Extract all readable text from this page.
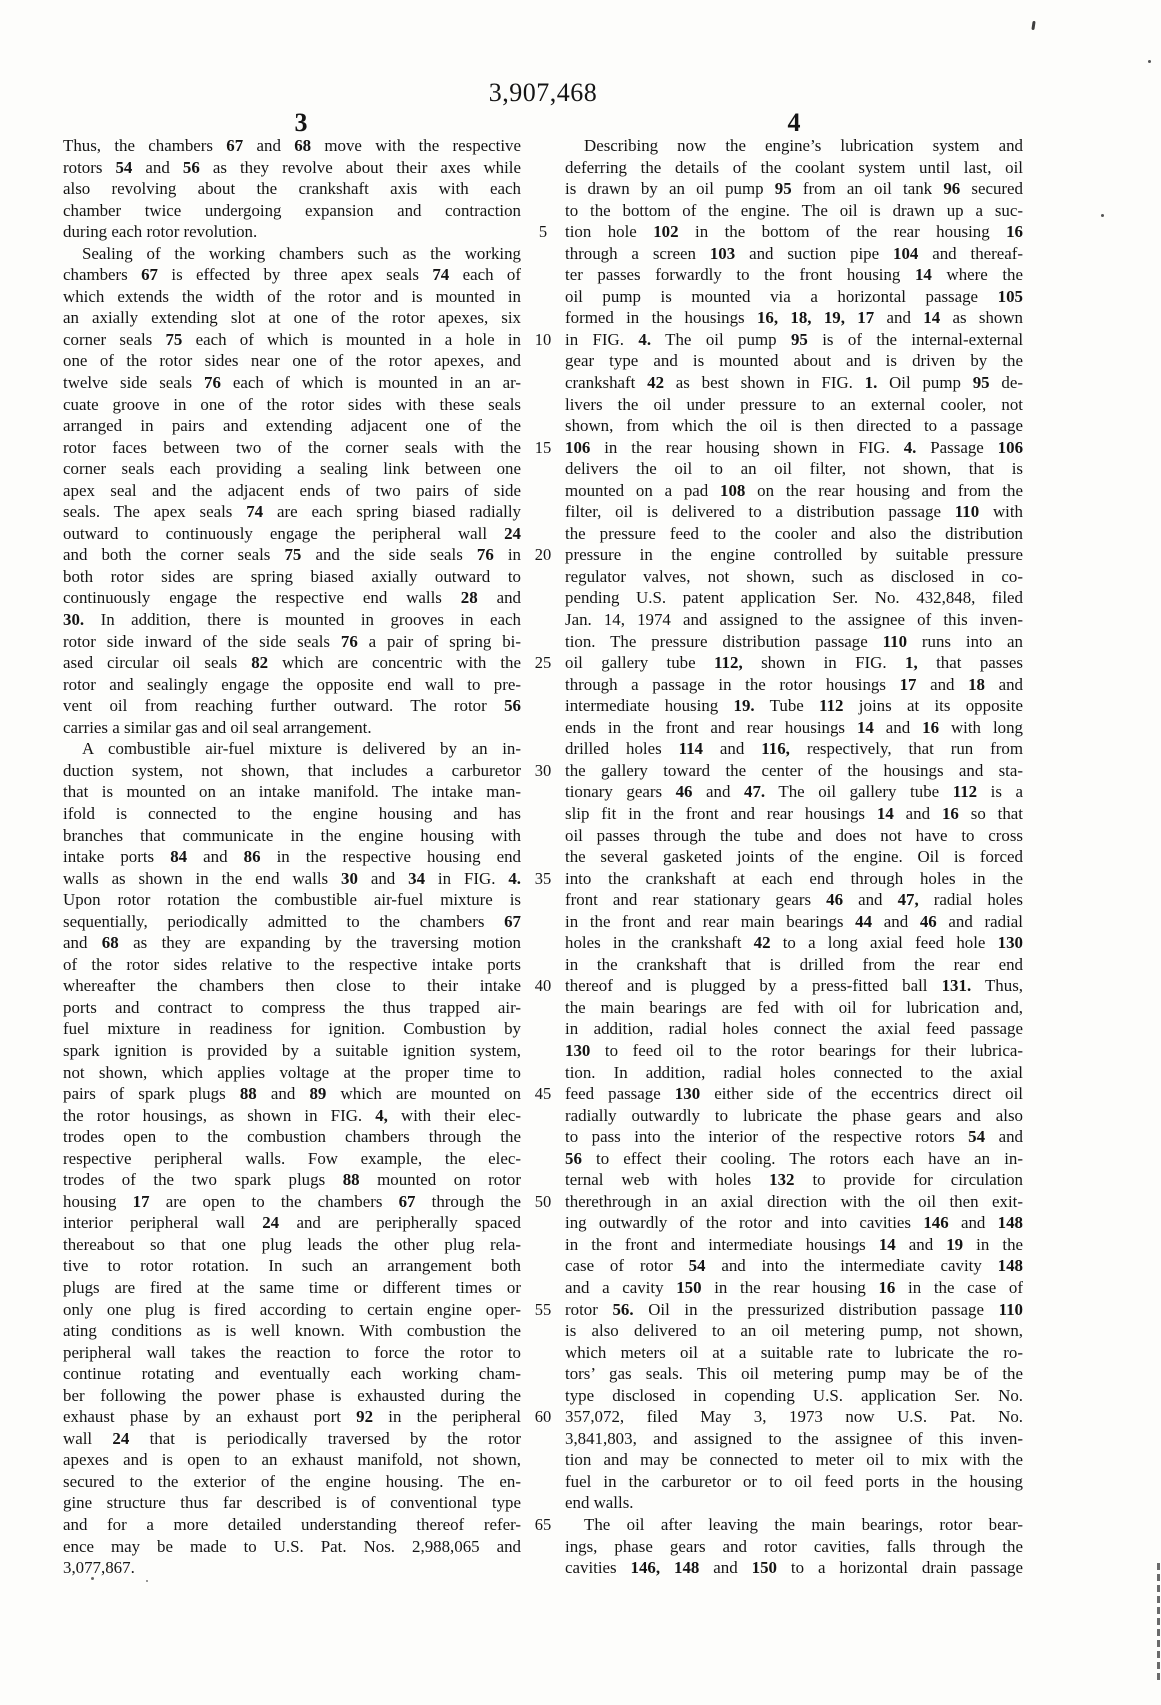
3,907,468
3	4
Thus, the chambers 67 and 68 move with the respective
rotors 54 and 56 as they revolve about their axes while
also revolving about the crankshaft axis with each
chamber twice undergoing expansion and contraction
during each rotor revolution.
Sealing of the working chambers such as the working
chambers 67 is effected by three apex seals 74 each of
which extends the width of the rotor and is mounted in
an axially extending slot at one of the rotor apexes, six
corner seals 75 each of which is mounted in a hole in
one of the rotor sides near one of the rotor apexes, and
twelve side seals 76 each of which is mounted in an ar-
cuate groove in one of the rotor sides with these seals
arranged in pairs and extending adjacent one of the
rotor faces between two of the corner seals with the
corner seals each providing a sealing link between one
apex seal and the adjacent ends of two pairs of side
seals. The apex seals 74 are each spring biased radially
outward to continuously engage the peripheral wall 24
and both the corner seals 75 and the side seals 76 in
both rotor sides are spring biased axially outward to
continuously engage the respective end walls 28 and
30. In addition, there is mounted in grooves in each
rotor side inward of the side seals 76 a pair of spring bi-
ased circular oil seals 82 which are concentric with the
rotor and sealingly engage the opposite end wall to pre-
vent oil from reaching further outward. The rotor 56
carries a similar gas and oil seal arrangement.
A combustible air-fuel mixture is delivered by an in-
duction system, not shown, that includes a carburetor
that is mounted on an intake manifold. The intake man-
ifold is connected to the engine housing and has
branches that communicate in the engine housing with
intake ports 84 and 86 in the respective housing end
walls as shown in the end walls 30 and 34 in FIG. 4.
Upon rotor rotation the combustible air-fuel mixture is
sequentially, periodically admitted to the chambers 67
and 68 as they are expanding by the traversing motion
of the rotor sides relative to the respective intake ports
whereafter the chambers then close to their intake
ports and contract to compress the thus trapped air-
fuel mixture in readiness for ignition. Combustion by
spark ignition is provided by a suitable ignition system,
not shown, which applies voltage at the proper time to
pairs of spark plugs 88 and 89 which are mounted on
the rotor housings, as shown in FIG. 4, with their elec-
trodes open to the combustion chambers through the
respective peripheral walls. Fow example, the elec-
trodes of the two spark plugs 88 mounted on rotor
housing 17 are open to the chambers 67 through the
interior peripheral wall 24 and are peripherally spaced
thereabout so that one plug leads the other plug rela-
tive to rotor rotation. In such an arrangement both
plugs are fired at the same time or different times or
only one plug is fired according to certain engine oper-
ating conditions as is well known. With combustion the
peripheral wall takes the reaction to force the rotor to
continue rotating and eventually each working cham-
ber following the power phase is exhausted during the
exhaust phase by an exhaust port 92 in the peripheral
wall 24 that is periodically traversed by the rotor
apexes and is open to an exhaust manifold, not shown,
secured to the exterior of the engine housing. The en-
gine structure thus far described is of conventional type
and for a more detailed understanding thereof refer-
ence may be made to U.S. Pat. Nos. 2,988,065 and
3,077,867.
5
10
15
20
25
30
35
40
45
50
55
60
65
Describing now the engine’s lubrication system and
deferring the details of the coolant system until last, oil
is drawn by an oil pump 95 from an oil tank 96 secured
to the bottom of the engine. The oil is drawn up a suc-
tion hole 102 in the bottom of the rear housing 16
through a screen 103 and suction pipe 104 and thereaf-
ter passes forwardly to the front housing 14 where the
oil pump is mounted via a horizontal passage 105
formed in the housings 16, 18, 19, 17 and 14 as shown
in FIG. 4. The oil pump 95 is of the internal-external
gear type and is mounted about and is driven by the
crankshaft 42 as best shown in FIG. 1. Oil pump 95 de-
livers the oil under pressure to an external cooler, not
shown, from which the oil is then directed to a passage
106 in the rear housing shown in FIG. 4. Passage 106
delivers the oil to an oil filter, not shown, that is
mounted on a pad 108 on the rear housing and from the
filter, oil is delivered to a distribution passage 110 with
the pressure feed to the cooler and also the distribution
pressure in the engine controlled by suitable pressure
regulator valves, not shown, such as disclosed in co-
pending U.S. patent application Ser. No. 432,848, filed
Jan. 14, 1974 and assigned to the assignee of this inven-
tion. The pressure distribution passage 110 runs into an
oil gallery tube 112, shown in FIG. 1, that passes
through a passage in the rotor housings 17 and 18 and
intermediate housing 19. Tube 112 joins at its opposite
ends in the front and rear housings 14 and 16 with long
drilled holes 114 and 116, respectively, that run from
the gallery toward the center of the housings and sta-
tionary gears 46 and 47. The oil gallery tube 112 is a
slip fit in the front and rear housings 14 and 16 so that
oil passes through the tube and does not have to cross
the several gasketed joints of the engine. Oil is forced
into the crankshaft at each end through holes in the
front and rear stationary gears 46 and 47, radial holes
in the front and rear main bearings 44 and 46 and radial
holes in the crankshaft 42 to a long axial feed hole 130
in the crankshaft that is drilled from the rear end
thereof and is plugged by a press-fitted ball 131. Thus,
the main bearings are fed with oil for lubrication and,
in addition, radial holes connect the axial feed passage
130 to feed oil to the rotor bearings for their lubrica-
tion. In addition, radial holes connected to the axial
feed passage 130 either side of the eccentrics direct oil
radially outwardly to lubricate the phase gears and also
to pass into the interior of the respective rotors 54 and
56 to effect their cooling. The rotors each have an in-
ternal web with holes 132 to provide for circulation
therethrough in an axial direction with the oil then exit-
ing outwardly of the rotor and into cavities 146 and 148
in the front and intermediate housings 14 and 19 in the
case of rotor 54 and into the intermediate cavity 148
and a cavity 150 in the rear housing 16 in the case of
rotor 56. Oil in the pressurized distribution passage 110
is also delivered to an oil metering pump, not shown,
which meters oil at a suitable rate to lubricate the ro-
tors’ gas seals. This oil metering pump may be of the
type disclosed in copending U.S. application Ser. No.
357,072, filed May 3, 1973 now U.S. Pat. No.
3,841,803, and assigned to the assignee of this inven-
tion and may be connected to meter oil to mix with the
fuel in the carburetor or to oil feed ports in the housing
end walls.
The oil after leaving the main bearings, rotor bear-
ings, phase gears and rotor cavities, falls through the
cavities 146, 148 and 150 to a horizontal drain passage
